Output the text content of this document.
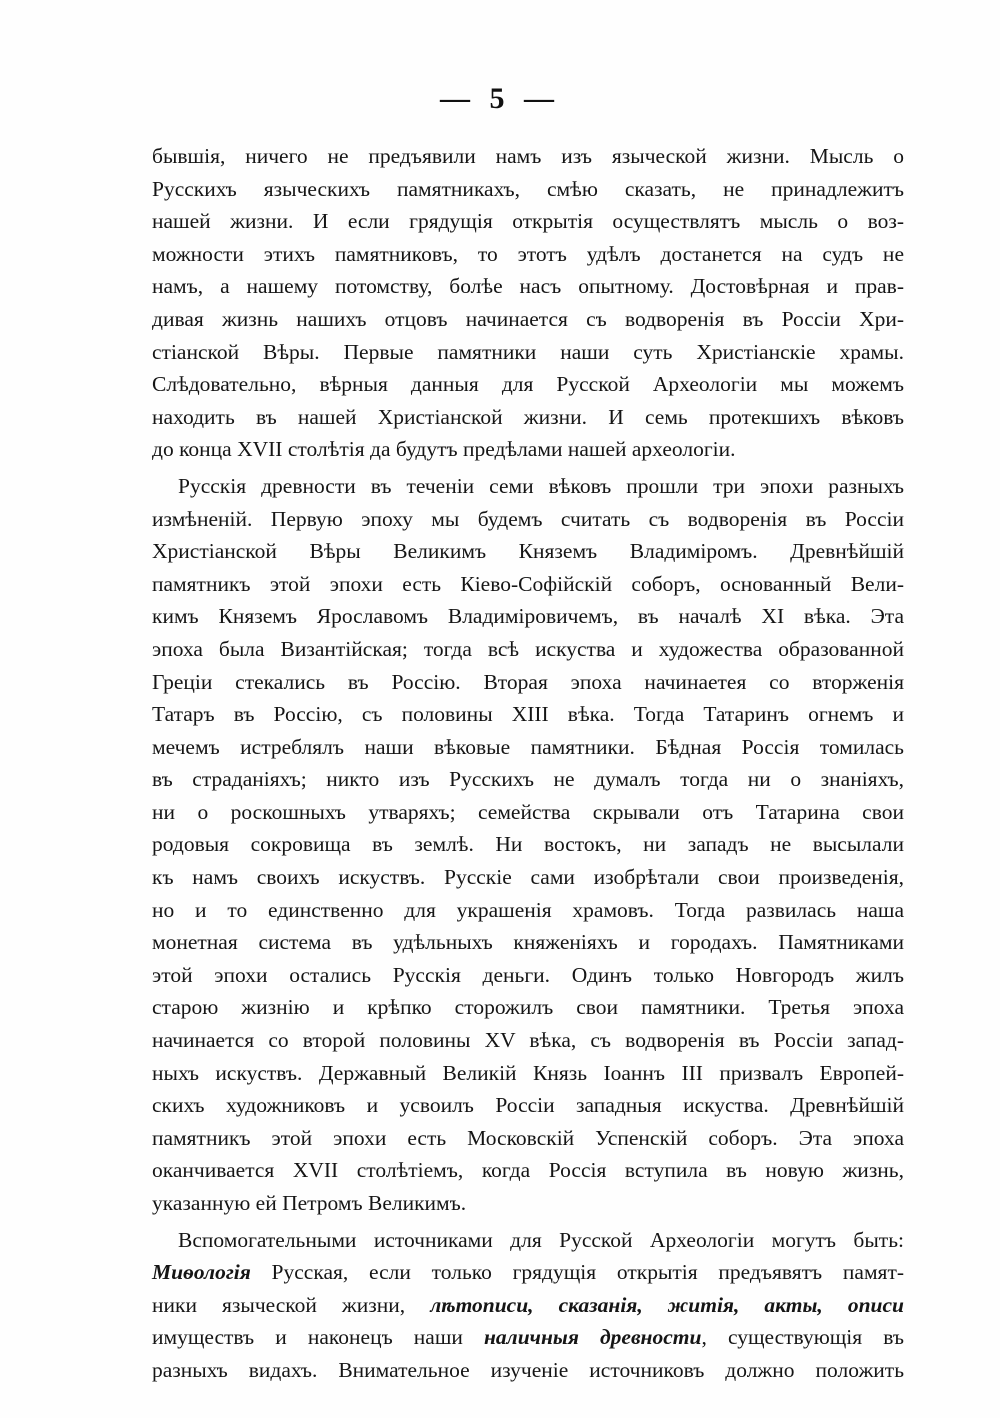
— 5 —
бывшія, ничего не предъявили намъ изъ языческой жизни. Мысль о
Русскихъ языческихъ памятникахъ, смѣю сказать, не принадлежитъ
нашей жизни. И если грядущія открытія осуществлятъ мысль о воз-
можности этихъ памятниковъ, то этотъ удѣлъ достанется на судъ не
намъ, а нашему потомству, болѣе насъ опытному. Достовѣрная и прав-
дивая жизнь нашихъ отцовъ начинается съ водворенія въ Россіи Хри-
стіанской Вѣры. Первые памятники наши суть Христіанскіе храмы.
Слѣдовательно, вѣрныя данныя для Русской Археологіи мы можемъ
находить въ нашей Христіанской жизни. И семь протекшихъ вѣковъ
до конца XVII столѣтія да будутъ предѣлами нашей археологіи.
Русскія древности въ теченіи семи вѣковъ прошли три эпохи разныхъ
измѣненій. Первую эпоху мы будемъ считать съ водворенія въ Россіи
Христіанской Вѣры Великимъ Княземъ Владиміромъ. Древнѣйшій
памятникъ этой эпохи есть Кіево-Софійскій соборъ, основанный Вели-
кимъ Княземъ Ярославомъ Владиміровичемъ, въ началѣ XI вѣка. Эта
эпоха была Византійская; тогда всѣ искуства и художества образованной
Греціи стекались въ Россію. Вторая эпоха начинаетея со вторженія
Татаръ въ Россію, съ половины XIII вѣка. Тогда Татаринъ огнемъ и
мечемъ истреблялъ наши вѣковые памятники. Бѣдная Россія томилась
въ страданіяхъ; никто изъ Русскихъ не думалъ тогда ни о знаніяхъ,
ни о роскошныхъ утваряхъ; семейства скрывали отъ Татарина свои
родовыя сокровища въ землѣ. Ни востокъ, ни западъ не высылали
къ намъ своихъ искуствъ. Русскіе сами изобрѣтали свои произведенія,
но и то единственно для украшенія храмовъ. Тогда развилась наша
монетная система въ удѣльныхъ княженіяхъ и городахъ. Памятниками
этой эпохи остались Русскія деньги. Одинъ только Новгородъ жилъ
старою жизнію и крѣпко сторожилъ свои памятники. Третья эпоха
начинается со второй половины XV вѣка, съ водворенія въ Россіи запад-
ныхъ искуствъ. Державный Великій Князь Іоаннъ III призвалъ Европей-
скихъ художниковъ и усвоилъ Россіи западныя искуства. Древнѣйшій
памятникъ этой эпохи есть Московскій Успенскій соборъ. Эта эпоха
оканчивается XVII столѣтіемъ, когда Россія вступила въ новую жизнь,
указанную ей Петромъ Великимъ.
Вспомогательными источниками для Русской Археологіи могутъ быть:
Миѳологія Русская, если только грядущія открытія предъявятъ памят-
ники языческой жизни, лѣтописи, сказанія, житія, акты, описи
имуществъ и наконецъ наши наличныя древности, существующія въ
разныхъ видахъ. Внимательное изученіе источниковъ должно положить
